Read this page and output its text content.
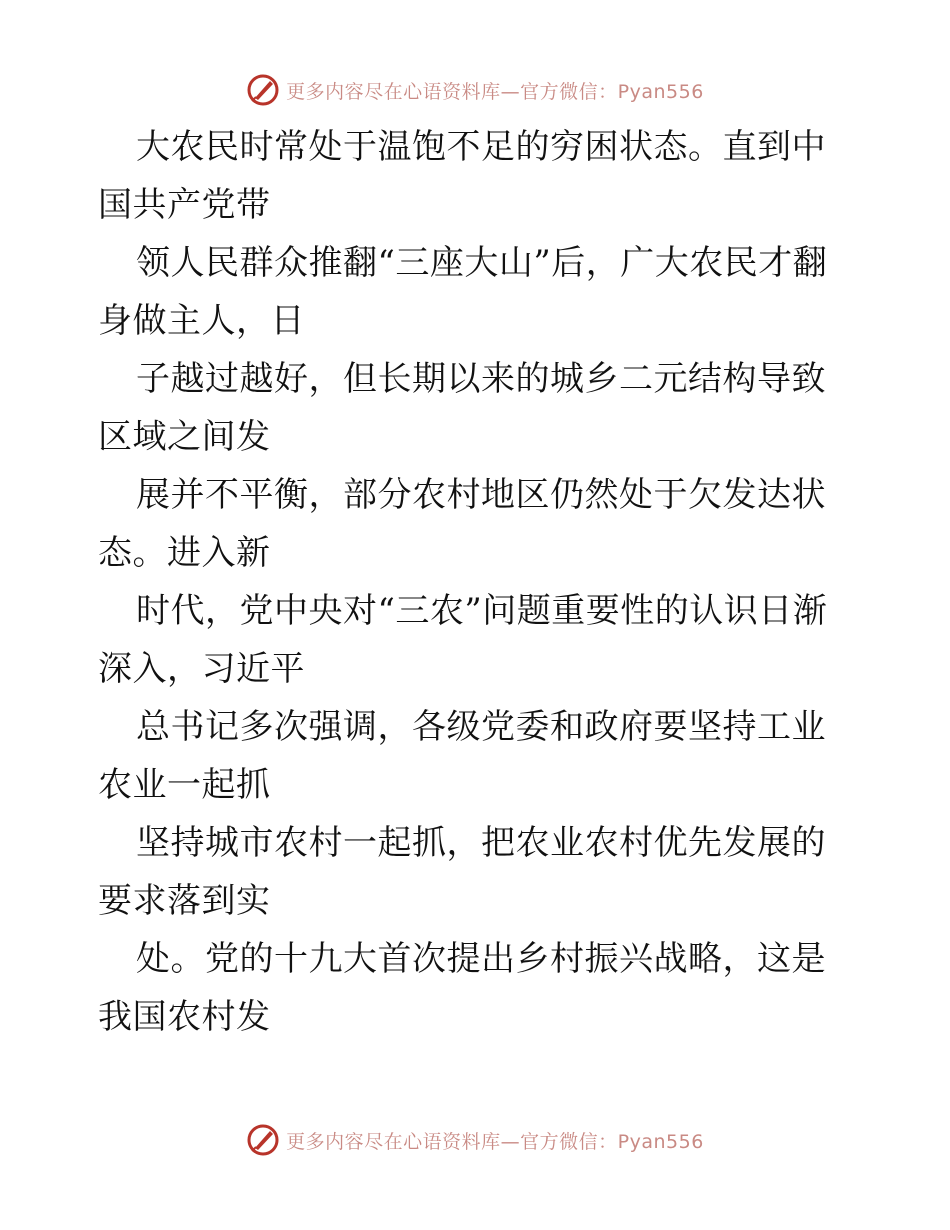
更多内容尽在心语资料库—官方微信：Pyan556

大农民时常处于温饱不足的穷困状态。直到中国共产党带

领人民群众推翻“三座大山”后，广大农民才翻身做主人，日

子越过越好，但长期以来的城乡二元结构导致区域之间发

展并不平衡，部分农村地区仍然处于欠发达状态。进入新

时代，党中央对“三农”问题重要性的认识日渐深入，习近平

总书记多次强调，各级党委和政府要坚持工业农业一起抓

坚持城市农村一起抓，把农业农村优先发展的要求落到实

处。党的十九大首次提出乡村振兴战略，这是我国农村发

更多内容尽在心语资料库—官方微信：Pyan556
